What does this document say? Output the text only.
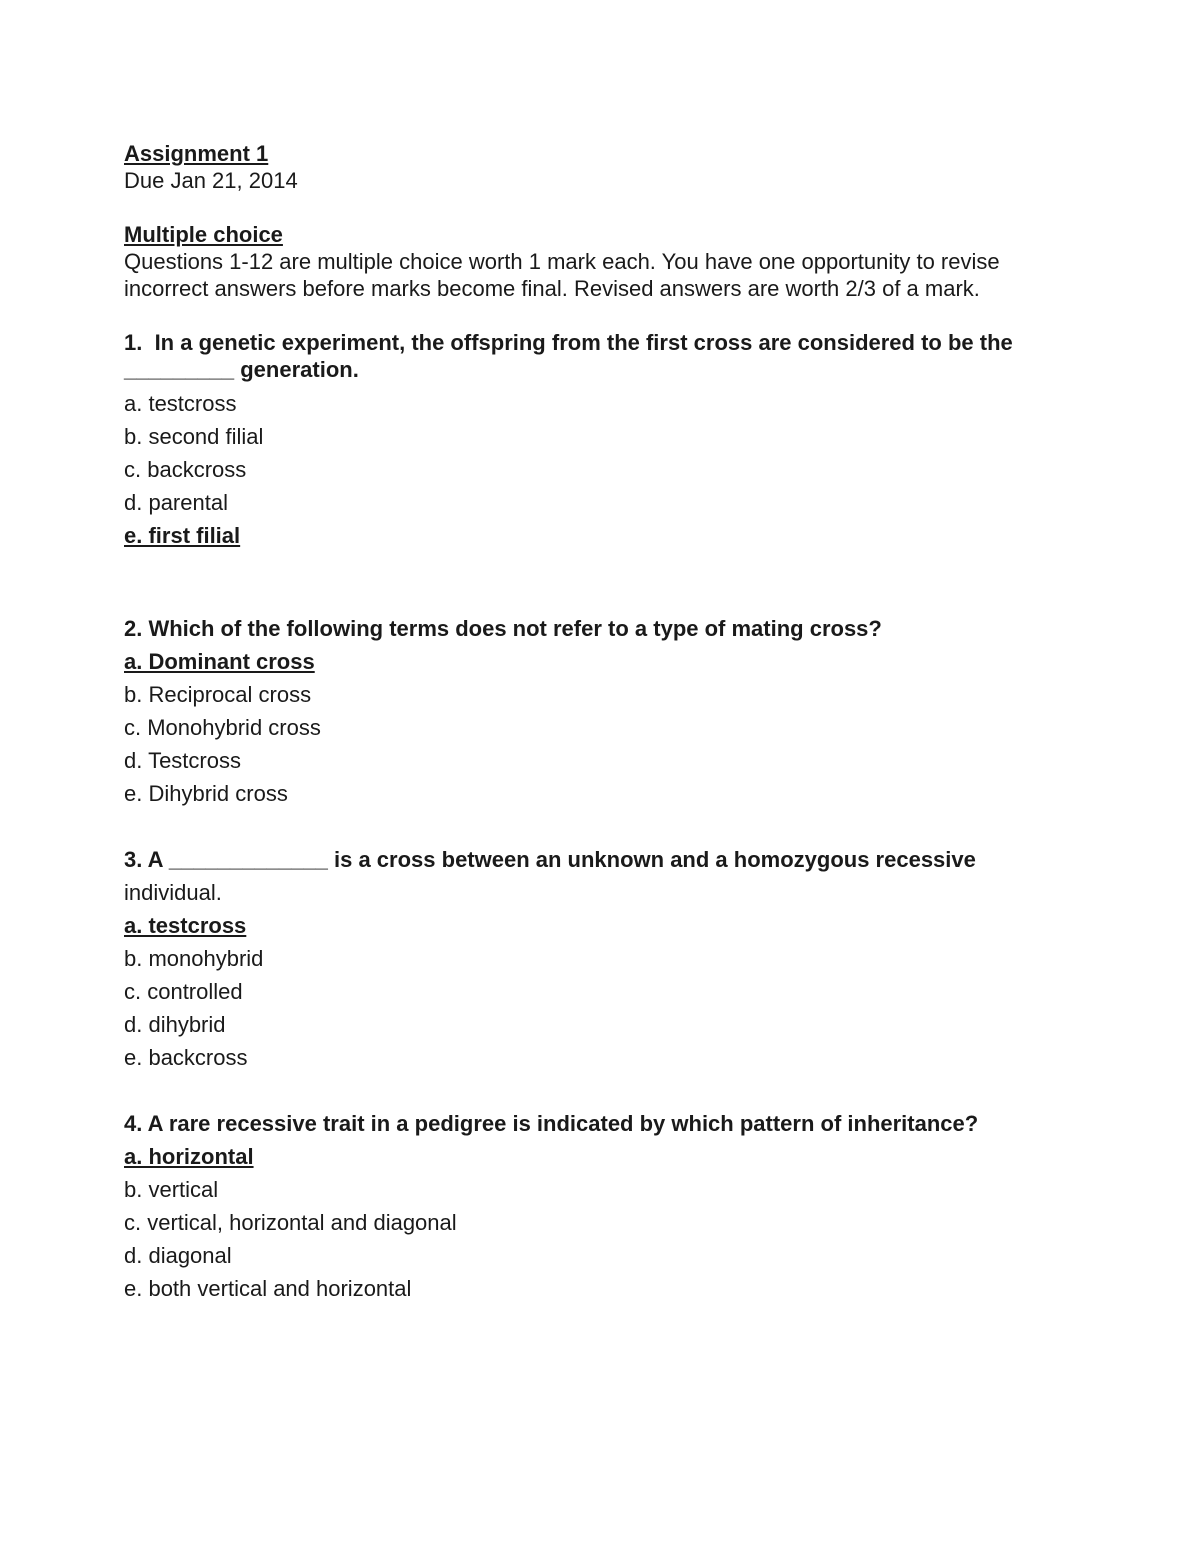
Assignment 1
Due Jan 21, 2014
Multiple choice
Questions 1-12 are multiple choice worth 1 mark each. You have one opportunity to revise
incorrect answers before marks become final. Revised answers are worth 2/3 of a mark.
1.  In a genetic experiment, the offspring from the first cross are considered to be the
_________ generation.
a. testcross
b. second filial
c. backcross
d. parental
e. first filial
2. Which of the following terms does not refer to a type of mating cross?
a. Dominant cross
b. Reciprocal cross
c. Monohybrid cross
d. Testcross
e. Dihybrid cross
3. A _____________ is a cross between an unknown and a homozygous recessive
individual.
a. testcross
b. monohybrid
c. controlled
d. dihybrid
e. backcross
4. A rare recessive trait in a pedigree is indicated by which pattern of inheritance?
a. horizontal
b. vertical
c. vertical, horizontal and diagonal
d. diagonal
e. both vertical and horizontal
